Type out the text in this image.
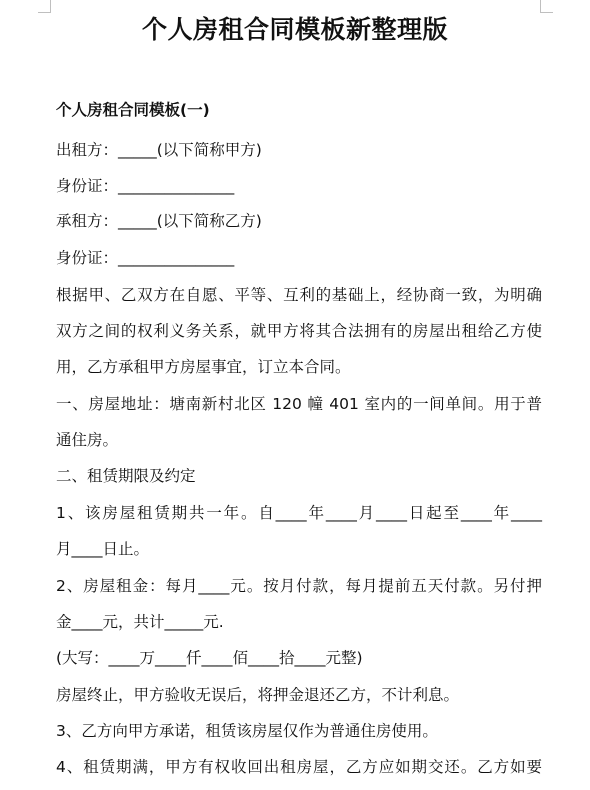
个人房租合同模板新整理版
个人房租合同模板(一)
出租方：_____(以下简称甲方)
身份证：_______________
承租方：_____(以下简称乙方)
身份证：_______________
根据甲、乙双方在自愿、平等、互利的基础上，经协商一致，为明确
双方之间的权利义务关系，就甲方将其合法拥有的房屋出租给乙方使
用，乙方承租甲方房屋事宜，订立本合同。
一、房屋地址：塘南新村北区 120 幢 401 室内的一间单间。用于普
通住房。
二、租赁期限及约定
1、该房屋租赁期共一年。自____年____月____日起至____年____
月____日止。
2、房屋租金：每月____元。按月付款，每月提前五天付款。另付押
金____元，共计_____元.
(大写：____万____仟____佰____拾____元整)
房屋终止，甲方验收无误后，将押金退还乙方，不计利息。
3、乙方向甲方承诺，租赁该房屋仅作为普通住房使用。
4、租赁期满，甲方有权收回出租房屋，乙方应如期交还。乙方如要
